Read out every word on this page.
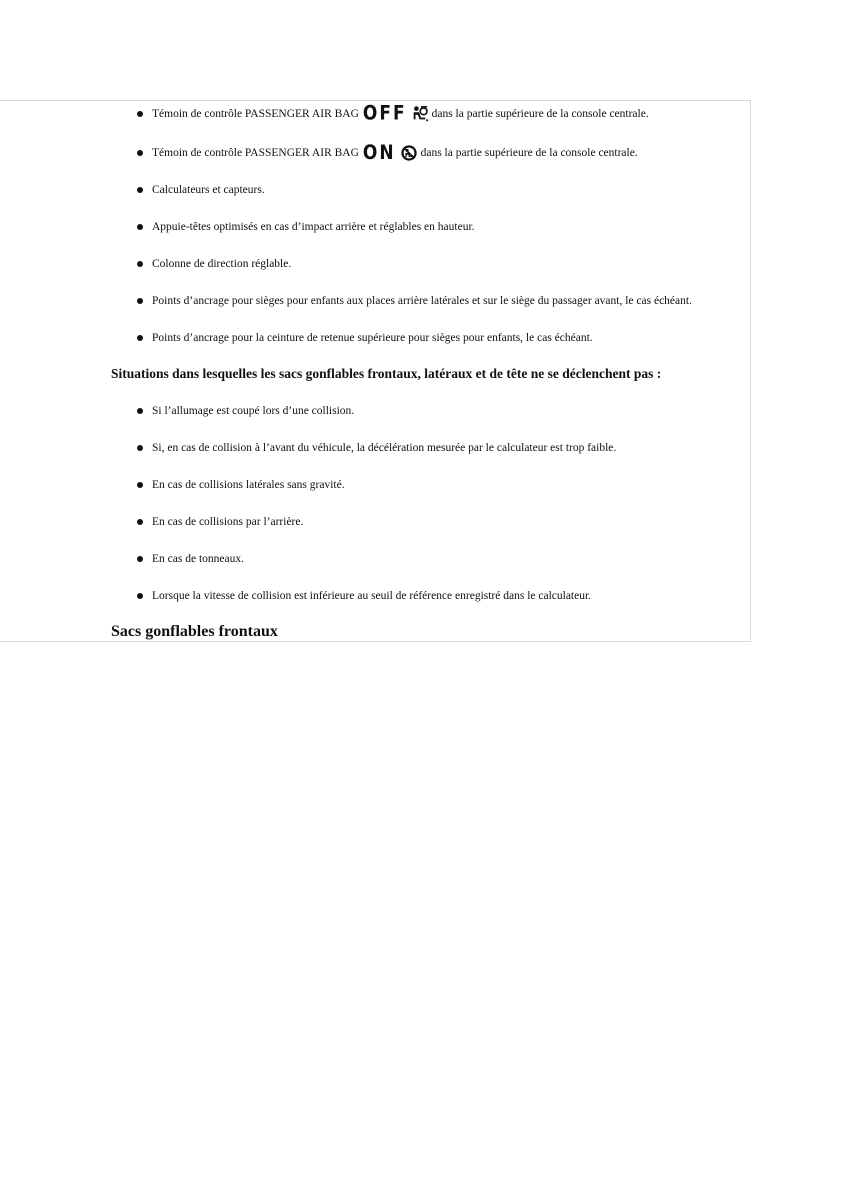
Témoin de contrôle PASSENGER AIR BAG OFF dans la partie supérieure de la console centrale.
Témoin de contrôle PASSENGER AIR BAG ON dans la partie supérieure de la console centrale.
Calculateurs et capteurs.
Appuie-têtes optimisés en cas d’impact arrière et réglables en hauteur.
Colonne de direction réglable.
Points d’ancrage pour sièges pour enfants aux places arrière latérales et sur le siège du passager avant, le cas échéant.
Points d’ancrage pour la ceinture de retenue supérieure pour sièges pour enfants, le cas échéant.
Situations dans lesquelles les sacs gonflables frontaux, latéraux et de tête ne se déclenchent pas :
Si l’allumage est coupé lors d’une collision.
Si, en cas de collision à l’avant du véhicule, la décélération mesurée par le calculateur est trop faible.
En cas de collisions latérales sans gravité.
En cas de collisions par l’arrière.
En cas de tonneaux.
Lorsque la vitesse de collision est inférieure au seuil de référence enregistré dans le calculateur.
Sacs gonflables frontaux
